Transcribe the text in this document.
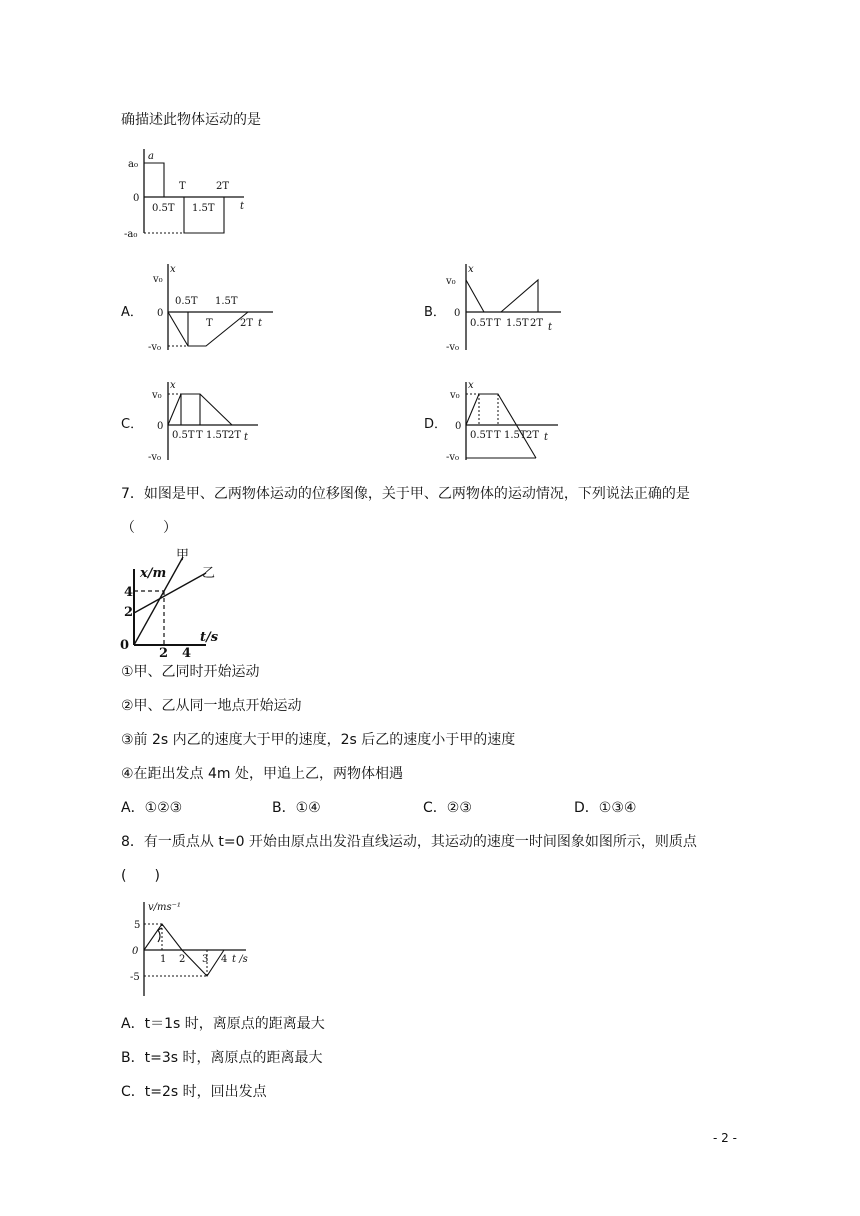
确描述此物体运动的是
a
a₀
0
-a₀
0.5T
T
1.5T
2T
t
A．
x
v₀
0
-v₀
0.5T 1.5T
T	2T t
B．
x
v₀
0
-v₀
0.5T T 1.5T 2T t
C．
x
v₀
0
-v₀
0.5T T 1.5T 2T t
D．
x
v₀
0
-v₀
0.5T T 1.5T 2T t
7．如图是甲、乙两物体运动的位移图像，关于甲、乙两物体的运动情况，下列说法正确的是
（　　）
x/m
甲
乙
4
2
0
2 4
t/s
①甲、乙同时开始运动
②甲、乙从同一地点开始运动
③前 2s 内乙的速度大于甲的速度，2s 后乙的速度小于甲的速度
④在距出发点 4m 处，甲追上乙，两物体相遇
A．①②③	B．①④	C．②③	D．①③④
8．有一质点从 t=0 开始由原点出发沿直线运动，其运动的速度一时间图象如图所示，则质点
(　　)
v/ms⁻¹
5
0
-5
1 2 3 4 t /s
A．t＝1s 时，离原点的距离最大
B．t=3s 时，离原点的距离最大
C．t=2s 时，回出发点
- 2 -
